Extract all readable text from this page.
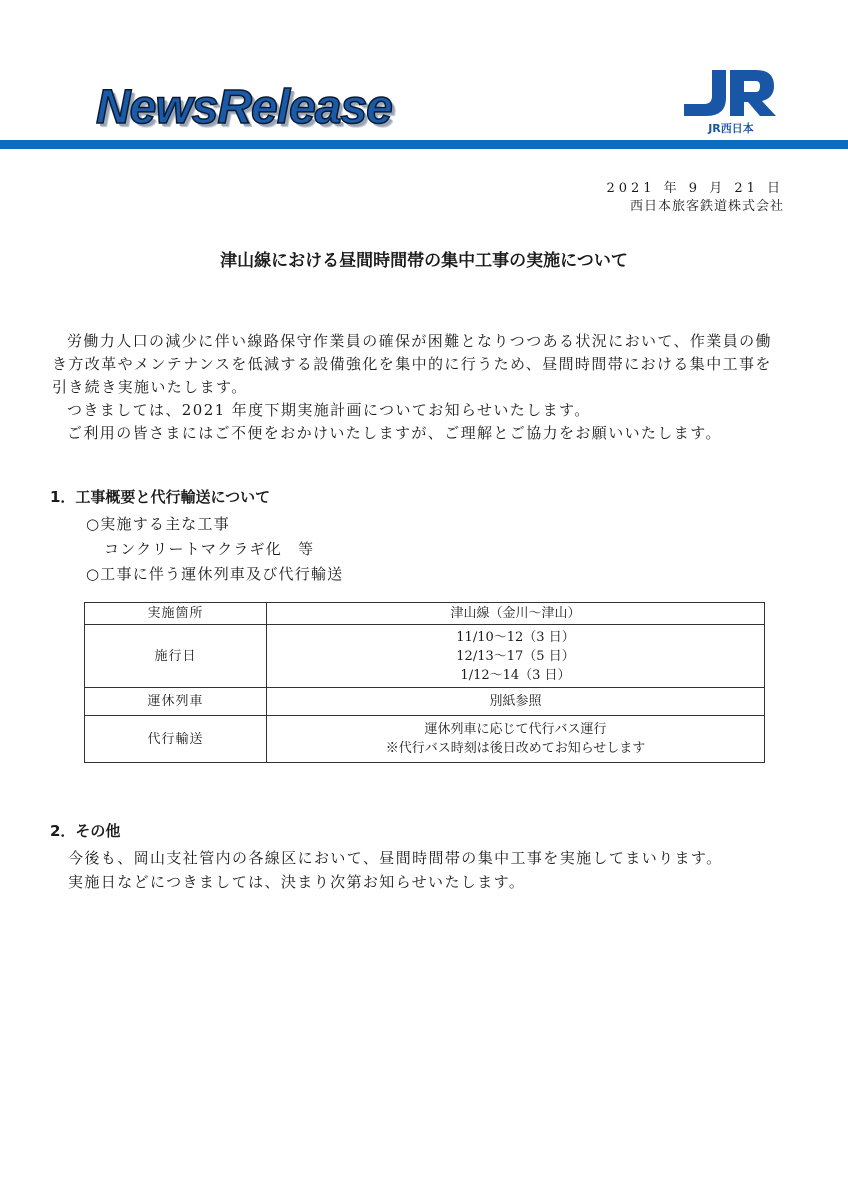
NewsRelease	JR西日本
2021 年 9 月 21 日
西日本旅客鉄道株式会社
津山線における昼間時間帯の集中工事の実施について

労働力人口の減少に伴い線路保守作業員の確保が困難となりつつある状況において、作業員の働き方改革やメンテナンスを低減する設備強化を集中的に行うため、昼間時間帯における集中工事を引き続き実施いたします。

つきましては、2021 年度下期実施計画についてお知らせいたします。

ご利用の皆さまにはご不便をおかけいたしますが、ご理解とご協力をお願いいたします。

1．工事概要と代行輸送について
○実施する主な工事
コンクリートマクラギ化　等
○工事に伴う運休列車及び代行輸送
実施箇所	津山線（金川～津山）

施行日	11/10～12（3 日）
12/13～17（5 日）
1/12～14（3 日）

運休列車	別紙参照

代行輸送	運休列車に応じて代行バス運行
※代行バス時刻は後日改めてお知らせします
2．その他

今後も、岡山支社管内の各線区において、昼間時間帯の集中工事を実施してまいります。

実施日などにつきましては、決まり次第お知らせいたします。
